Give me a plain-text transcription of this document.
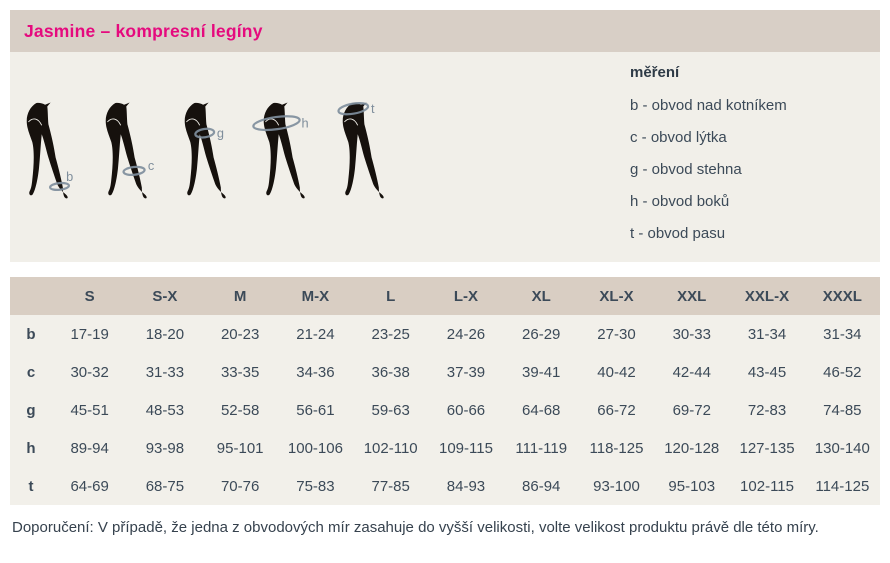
Jasmine – kompresní legíny
b
c
g
h
t
měření
b - obvod nad kotníkem
c - obvod lýtka
g - obvod stehna
h - obvod boků
t - obvod pasu
	S	S-X	M	M-X	L	L-X	XL	XL-X	XXL	XXL-X	XXXL
b	17-19	18-20	20-23	21-24	23-25	24-26	26-29	27-30	30-33	31-34	31-34
c	30-32	31-33	33-35	34-36	36-38	37-39	39-41	40-42	42-44	43-45	46-52
g	45-51	48-53	52-58	56-61	59-63	60-66	64-68	66-72	69-72	72-83	74-85
h	89-94	93-98	95-101	100-106	102-110	109-115	111-119	118-125	120-128	127-135	130-140
t	64-69	68-75	70-76	75-83	77-85	84-93	86-94	93-100	95-103	102-115	114-125

Doporučení: V případě, že jedna z obvodových mír zasahuje do vyšší velikosti, volte velikost produktu právě dle této míry.
